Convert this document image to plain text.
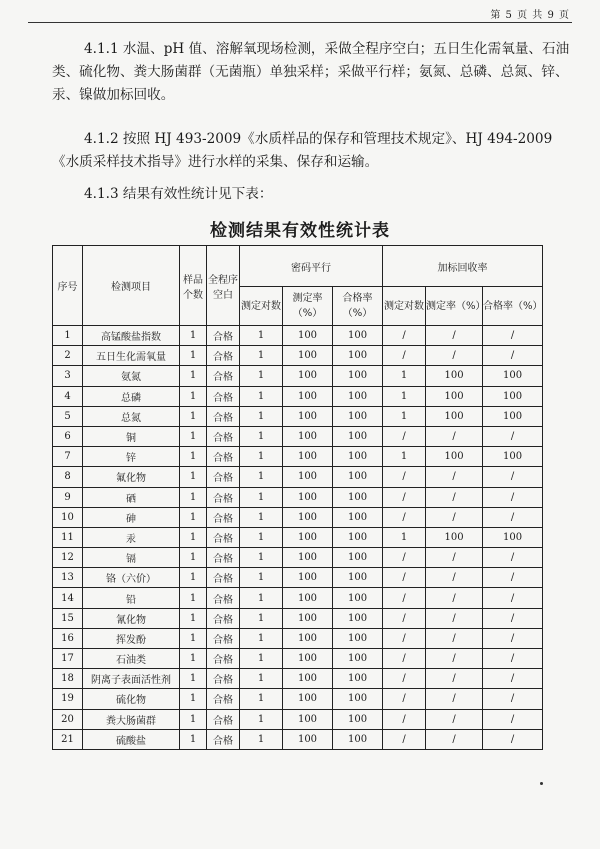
第 5 页 共 9 页

4.1.1 水温、pH 值、溶解氧现场检测，采做全程序空白；五日生化需氧量、石油类、硫化物、粪大肠菌群（无菌瓶）单独采样；采做平行样；氨氮、总磷、总氮、锌、汞、镍做加标回收。

4.1.2 按照 HJ 493-2009《水质样品的保存和管理技术规定》、HJ 494-2009《水质采样技术指导》进行水样的采集、保存和运输。

4.1.3 结果有效性统计见下表：

检测结果有效性统计表
序号	检测项目	样品个数	全程序空白	密码平行			加标回收率		
				测定对数	测定率（%）	合格率（%）	测定对数	测定率（%）	合格率（%）
1	高锰酸盐指数	1	合格	1	100	100	/	/	/
2	五日生化需氧量	1	合格	1	100	100	/	/	/
3	氨氮	1	合格	1	100	100	1	100	100
4	总磷	1	合格	1	100	100	1	100	100
5	总氮	1	合格	1	100	100	1	100	100
6	铜	1	合格	1	100	100	/	/	/
7	锌	1	合格	1	100	100	1	100	100
8	氟化物	1	合格	1	100	100	/	/	/
9	硒	1	合格	1	100	100	/	/	/
10	砷	1	合格	1	100	100	/	/	/
11	汞	1	合格	1	100	100	1	100	100
12	镉	1	合格	1	100	100	/	/	/
13	铬（六价）	1	合格	1	100	100	/	/	/
14	铅	1	合格	1	100	100	/	/	/
15	氰化物	1	合格	1	100	100	/	/	/
16	挥发酚	1	合格	1	100	100	/	/	/
17	石油类	1	合格	1	100	100	/	/	/
18	阴离子表面活性剂	1	合格	1	100	100	/	/	/
19	硫化物	1	合格	1	100	100	/	/	/
20	粪大肠菌群	1	合格	1	100	100	/	/	/
21	硫酸盐	1	合格	1	100	100	/	/	/
